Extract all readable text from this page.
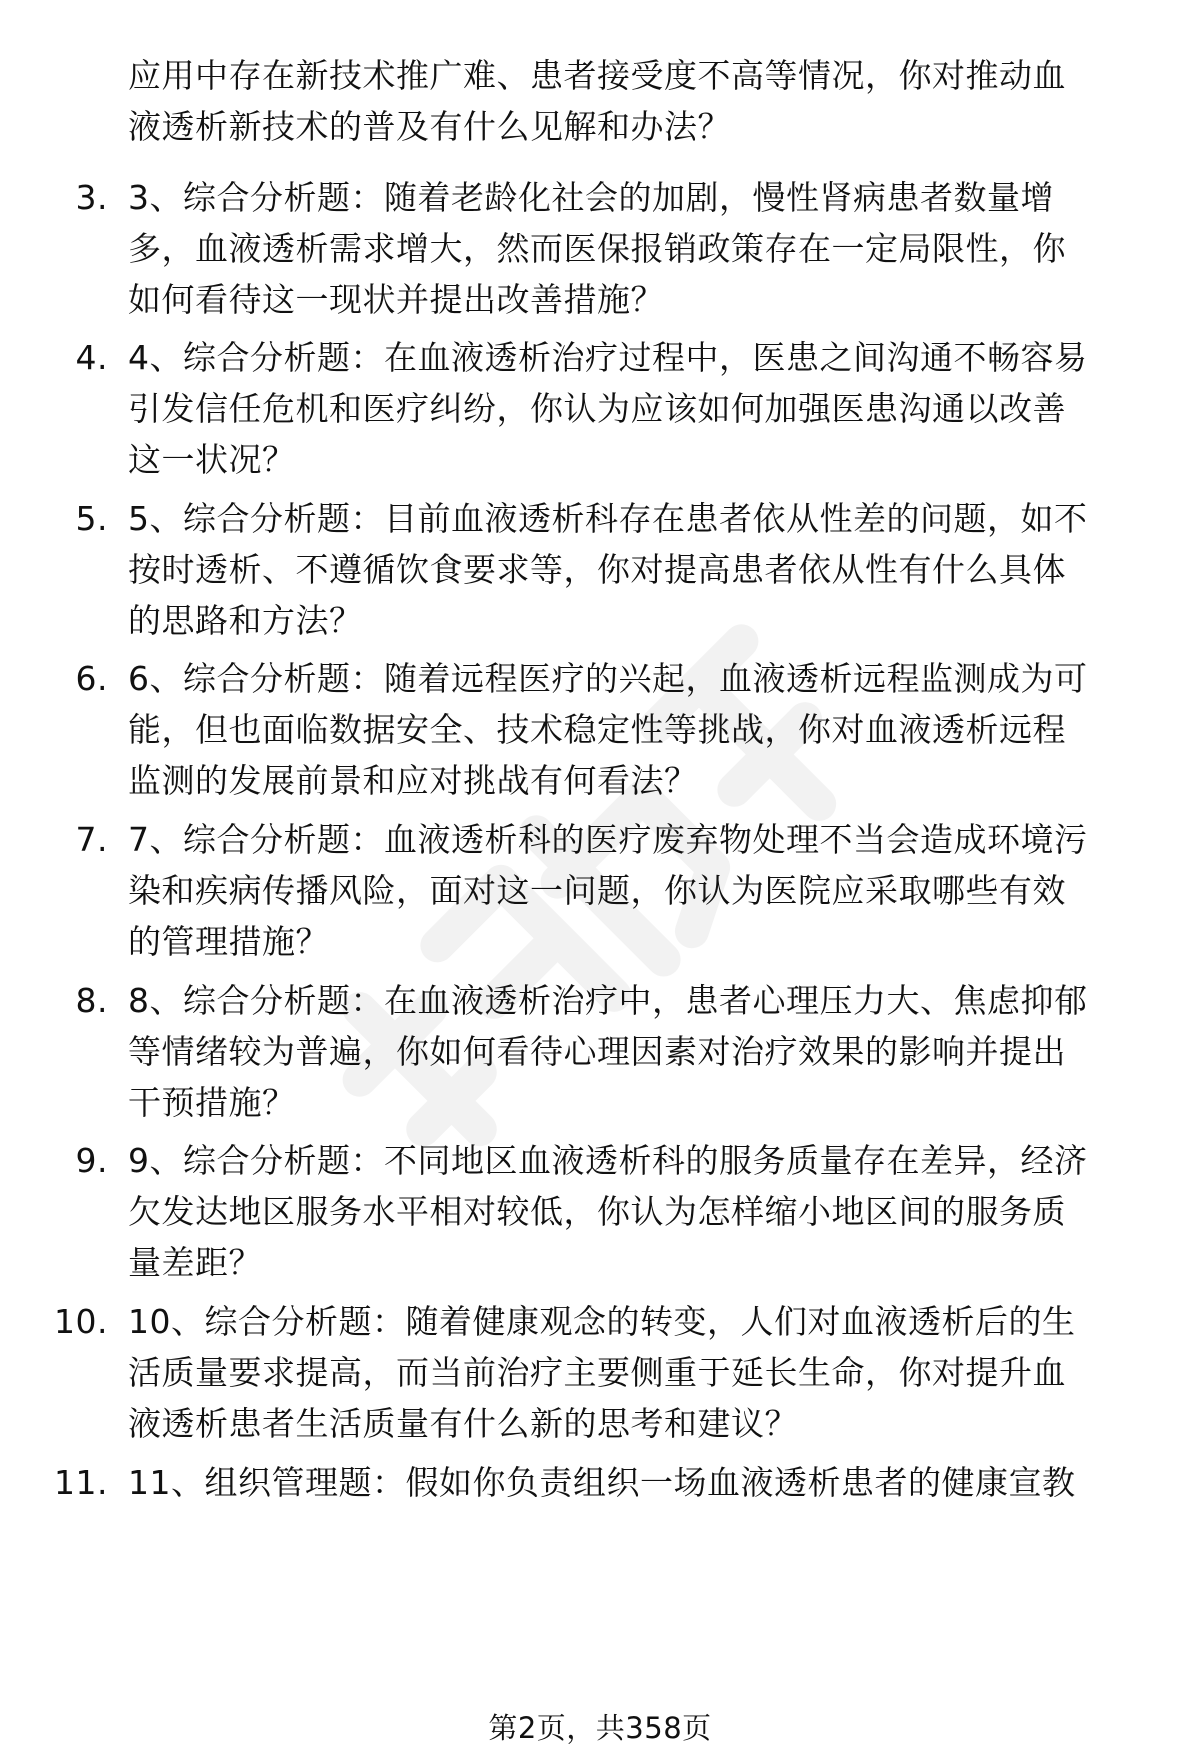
应用中存在新技术推广难、患者接受度不高等情况，你对推动血
液透析新技术的普及有什么见解和办法？
3. 3、综合分析题：随着老龄化社会的加剧，慢性肾病患者数量增
多，血液透析需求增大，然而医保报销政策存在一定局限性，你
如何看待这一现状并提出改善措施？
4. 4、综合分析题：在血液透析治疗过程中，医患之间沟通不畅容易
引发信任危机和医疗纠纷，你认为应该如何加强医患沟通以改善
这一状况？
5. 5、综合分析题：目前血液透析科存在患者依从性差的问题，如不
按时透析、不遵循饮食要求等，你对提高患者依从性有什么具体
的思路和方法？
6. 6、综合分析题：随着远程医疗的兴起，血液透析远程监测成为可
能，但也面临数据安全、技术稳定性等挑战，你对血液透析远程
监测的发展前景和应对挑战有何看法？
7. 7、综合分析题：血液透析科的医疗废弃物处理不当会造成环境污
染和疾病传播风险，面对这一问题，你认为医院应采取哪些有效
的管理措施？
8. 8、综合分析题：在血液透析治疗中，患者心理压力大、焦虑抑郁
等情绪较为普遍，你如何看待心理因素对治疗效果的影响并提出
干预措施？
9. 9、综合分析题：不同地区血液透析科的服务质量存在差异，经济
欠发达地区服务水平相对较低，你认为怎样缩小地区间的服务质
量差距？
10. 10、综合分析题：随着健康观念的转变，人们对血液透析后的生
活质量要求提高，而当前治疗主要侧重于延长生命，你对提升血
液透析患者生活质量有什么新的思考和建议？
11. 11、组织管理题：假如你负责组织一场血液透析患者的健康宣教
第2页，共358页
